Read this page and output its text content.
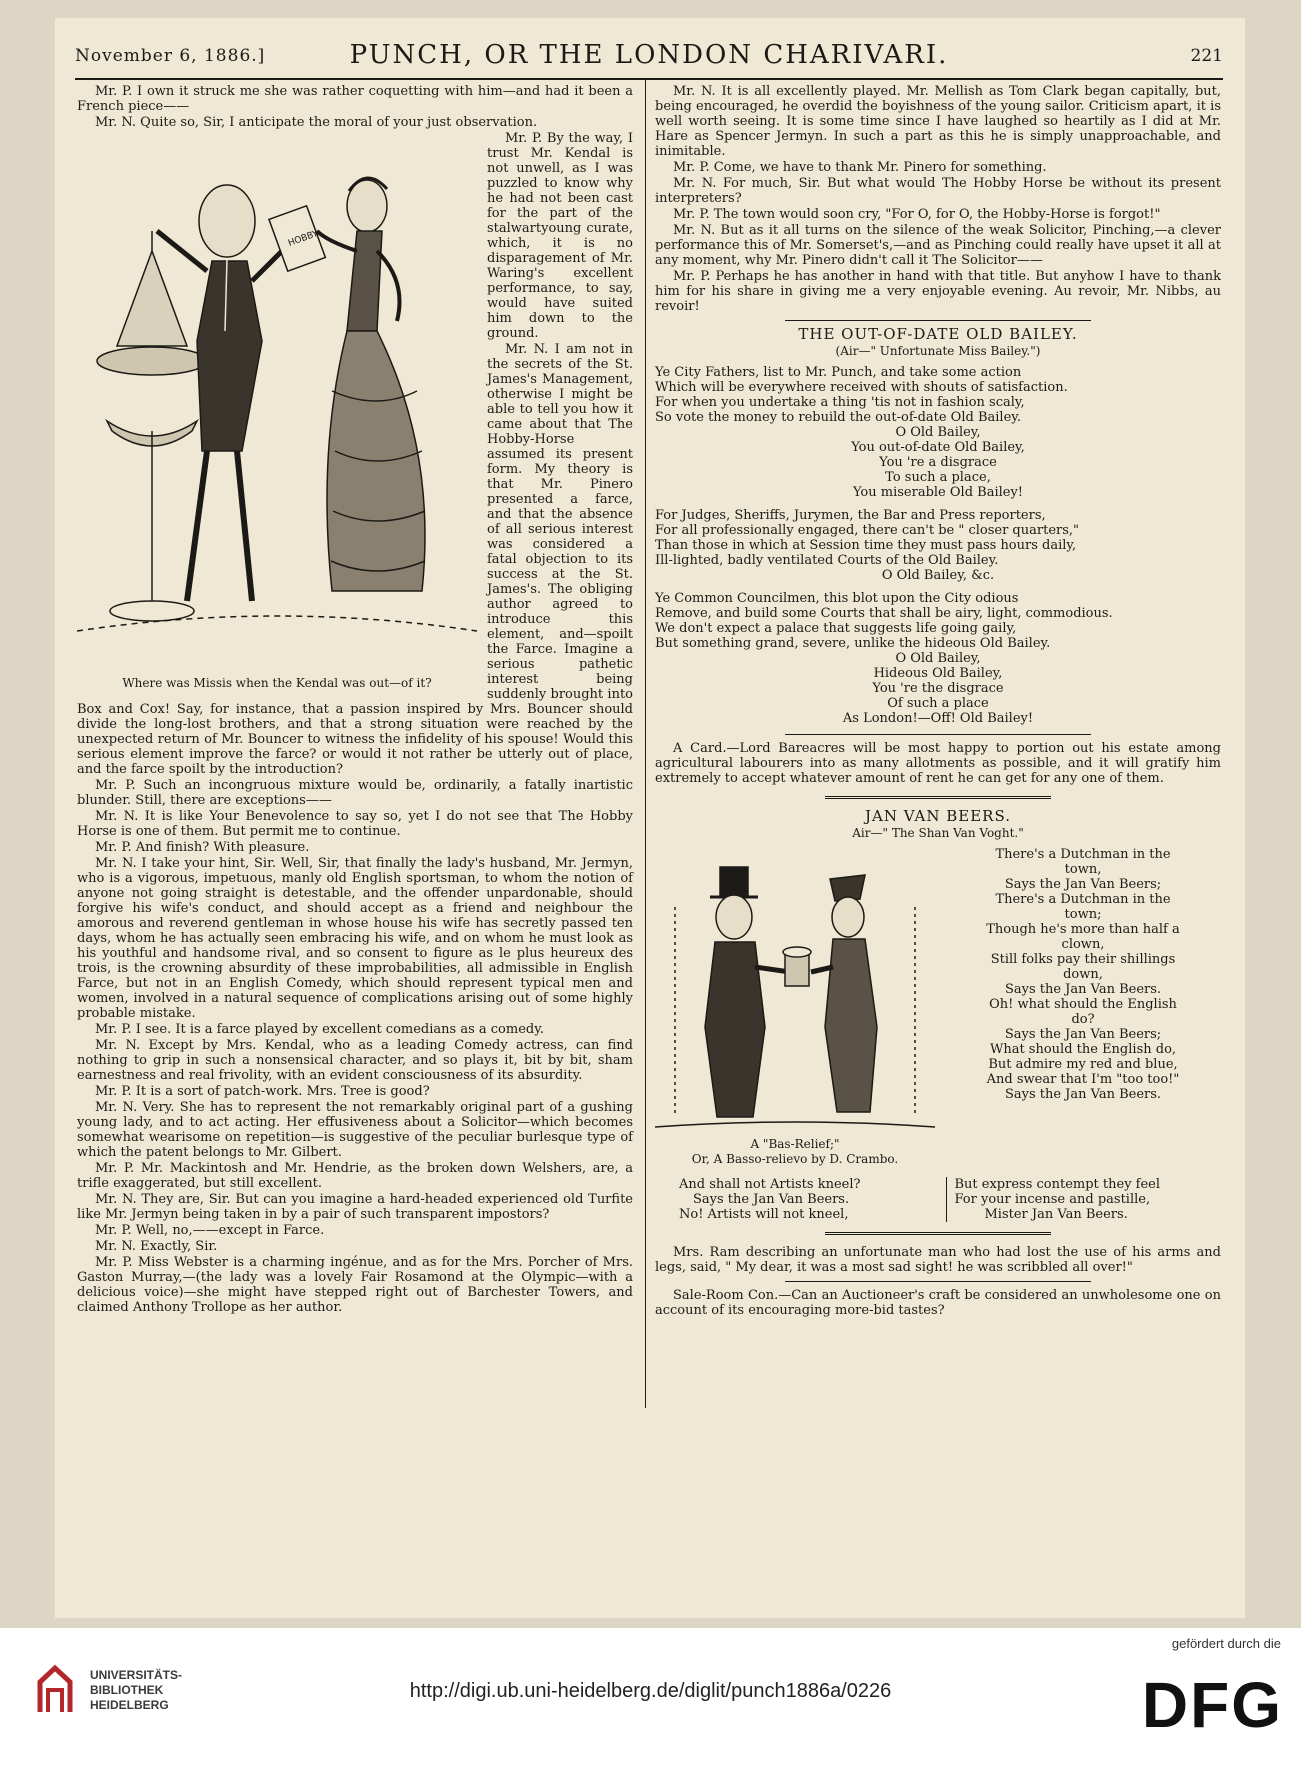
November 6, 1886.]	PUNCH, OR THE LONDON CHARIVARI.	221

Mr. P. I own it struck me she was rather coquetting with him—and had it been a French piece——

Mr. N. Quite so, Sir, I anticipate the moral of your just observation.

HOBBY
Where was Missis when the Kendal was out—of it?

Mr. P. By the way, I trust Mr. Kendal is not unwell, as I was puzzled to know why he had not been cast for the part of the stalwartyoung curate, which, it is no disparagement of Mr. Waring's excellent performance, to say, would have suited him down to the ground.

Mr. N. I am not in the secrets of the St. James's Management, otherwise I might be able to tell you how it came about that The Hobby-Horse assumed its present form. My theory is that Mr. Pinero presented a farce, and that the absence of all serious interest was considered a fatal objection to its success at the St. James's. The obliging author agreed to introduce this element, and—spoilt the Farce. Imagine a serious pathetic interest being suddenly brought into Box and Cox! Say, for instance, that a passion inspired by Mrs. Bouncer should divide the long-lost brothers, and that a strong situation were reached by the unexpected return of Mr. Bouncer to witness the infidelity of his spouse! Would this serious element improve the farce? or would it not rather be utterly out of place, and the farce spoilt by the introduction?

Mr. P. Such an incongruous mixture would be, ordinarily, a fatally inartistic blunder. Still, there are exceptions——

Mr. N. It is like Your Benevolence to say so, yet I do not see that The Hobby Horse is one of them. But permit me to continue.

Mr. P. And finish? With pleasure.

Mr. N. I take your hint, Sir. Well, Sir, that finally the lady's husband, Mr. Jermyn, who is a vigorous, impetuous, manly old English sportsman, to whom the notion of anyone not going straight is detestable, and the offender unpardonable, should forgive his wife's conduct, and should accept as a friend and neighbour the amorous and reverend gentleman in whose house his wife has secretly passed ten days, whom he has actually seen embracing his wife, and on whom he must look as his youthful and handsome rival, and so consent to figure as le plus heureux des trois, is the crowning absurdity of these improbabilities, all admissible in English Farce, but not in an English Comedy, which should represent typical men and women, involved in a natural sequence of complications arising out of some highly probable mistake.

Mr. P. I see. It is a farce played by excellent comedians as a comedy.

Mr. N. Except by Mrs. Kendal, who as a leading Comedy actress, can find nothing to grip in such a nonsensical character, and so plays it, bit by bit, sham earnestness and real frivolity, with an evident consciousness of its absurdity.

Mr. P. It is a sort of patch-work. Mrs. Tree is good?

Mr. N. Very. She has to represent the not remarkably original part of a gushing young lady, and to act acting. Her effusiveness about a Solicitor—which becomes somewhat wearisome on repetition—is suggestive of the peculiar burlesque type of which the patent belongs to Mr. Gilbert.

Mr. P. Mr. Mackintosh and Mr. Hendrie, as the broken down Welshers, are, a trifle exaggerated, but still excellent.

Mr. N. They are, Sir. But can you imagine a hard-headed experienced old Turfite like Mr. Jermyn being taken in by a pair of such transparent impostors?

Mr. P. Well, no,——except in Farce.

Mr. N. Exactly, Sir.

Mr. P. Miss Webster is a charming ingénue, and as for the Mrs. Porcher of Mrs. Gaston Murray,—(the lady was a lovely Fair Rosamond at the Olympic—with a delicious voice)—she might have stepped right out of Barchester Towers, and claimed Anthony Trollope as her author.

Mr. N. It is all excellently played. Mr. Mellish as Tom Clark began capitally, but, being encouraged, he overdid the boyishness of the young sailor. Criticism apart, it is well worth seeing. It is some time since I have laughed so heartily as I did at Mr. Hare as Spencer Jermyn. In such a part as this he is simply unapproachable, and inimitable.

Mr. P. Come, we have to thank Mr. Pinero for something.

Mr. N. For much, Sir. But what would The Hobby Horse be without its present interpreters?

Mr. P. The town would soon cry, "For O, for O, the Hobby-Horse is forgot!"

Mr. N. But as it all turns on the silence of the weak Solicitor, Pinching,—a clever performance this of Mr. Somerset's,—and as Pinching could really have upset it all at any moment, why Mr. Pinero didn't call it The Solicitor——

Mr. P. Perhaps he has another in hand with that title. But anyhow I have to thank him for his share in giving me a very enjoyable evening. Au revoir, Mr. Nibbs, au revoir!

THE OUT-OF-DATE OLD BAILEY.
(Air—" Unfortunate Miss Bailey.")
Ye City Fathers, list to Mr. Punch, and take some action
Which will be everywhere received with shouts of satisfaction.
For when you undertake a thing 'tis not in fashion scaly,
So vote the money to rebuild the out-of-date Old Bailey.
O Old Bailey,
You out-of-date Old Bailey,
You 're a disgrace
To such a place,
You miserable Old Bailey!
For Judges, Sheriffs, Jurymen, the Bar and Press reporters,
For all professionally engaged, there can't be " closer quarters,"
Than those in which at Session time they must pass hours daily,
Ill-lighted, badly ventilated Courts of the Old Bailey.
O Old Bailey, &c.
Ye Common Councilmen, this blot upon the City odious
Remove, and build some Courts that shall be airy, light, commodious.
We don't expect a palace that suggests life going gaily,
But something grand, severe, unlike the hideous Old Bailey.
O Old Bailey,
Hideous Old Bailey,
You 're the disgrace
Of such a place
As London!—Off! Old Bailey!

A Card.—Lord Bareacres will be most happy to portion out his estate among agricultural labourers into as many allotments as possible, and it will gratify him extremely to accept whatever amount of rent he can get for any one of them.

JAN VAN BEERS.
Air—" The Shan Van Voght."
A "Bas-Relief;"
Or, A Basso-relievo by D. Crambo.
There's a Dutchman in the
town,
Says the Jan Van Beers;
There's a Dutchman in the
town;
Though he's more than half a
clown,
Still folks pay their shillings
down,
Says the Jan Van Beers.
Oh! what should the English
do?
Says the Jan Van Beers;
What should the English do,
But admire my red and blue,
And swear that I'm "too too!"
Says the Jan Van Beers.
And shall not Artists kneel?
Says the Jan Van Beers.
No! Artists will not kneel,
But express contempt they feel
For your incense and pastille,
Mister Jan Van Beers.

Mrs. Ram describing an unfortunate man who had lost the use of his arms and legs, said, " My dear, it was a most sad sight! he was scribbled all over!"

Sale-Room Con.—Can an Auctioneer's craft be considered an unwholesome one on account of its encouraging more-bid tastes?

UNIVERSITÄTS-
BIBLIOTHEK
HEIDELBERG
http://digi.ub.uni-heidelberg.de/diglit/punch1886a/0226
gefördert durch die
DFG
